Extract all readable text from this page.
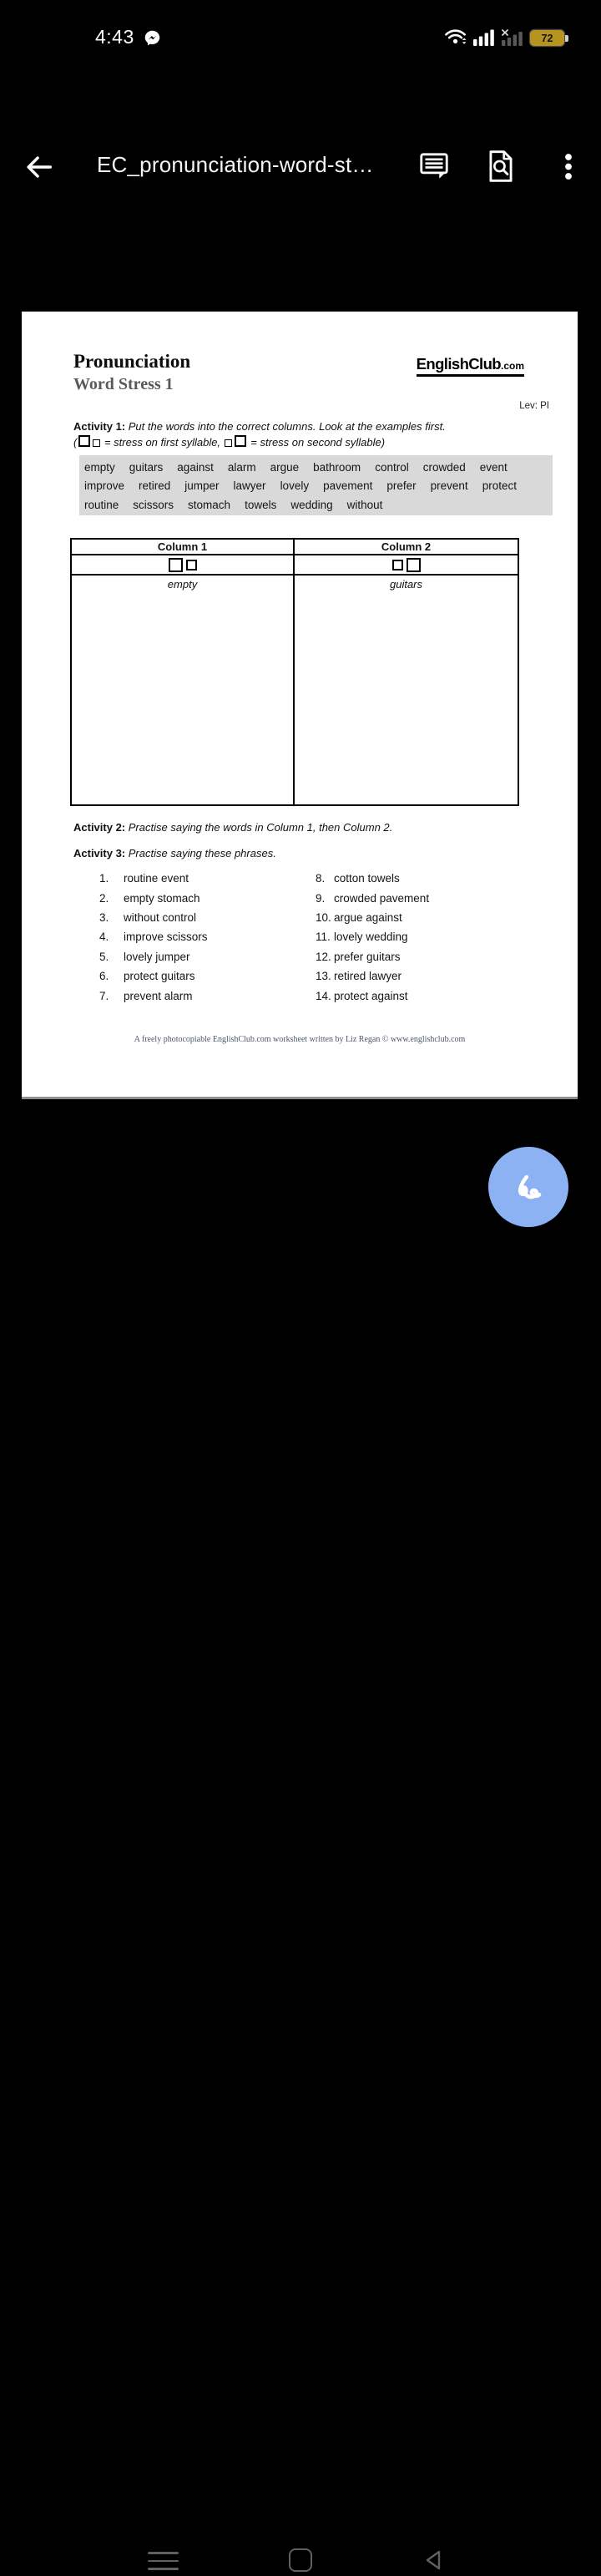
4:43	72
EC_pronunciation-word-st…
Pronunciation
Word Stress 1
EnglishClub.com
Lev: PI
Activity 1: Put the words into the correct columns. Look at the examples first.
(	= stress on first syllable,	= stress on second syllable)
empty guitars against alarm argue bathroom control crowded event
improve retired jumper lawyer lovely pavement prefer prevent protect
routine scissors stomach towels wedding without
Column 1	Column 2
empty	guitars
Activity 2: Practise saying the words in Column 1, then Column 2.
Activity 3: Practise saying these phrases.
1.	routine event
2.	empty stomach
3.	without control
4.	improve scissors
5.	lovely jumper
6.	protect guitars
7.	prevent alarm
8. cotton towels
9. crowded pavement
10. argue against
11. lovely wedding
12. prefer guitars
13. retired lawyer
14. protect against
A freely photocopiable EnglishClub.com worksheet written by Liz Regan © www.englishclub.com
